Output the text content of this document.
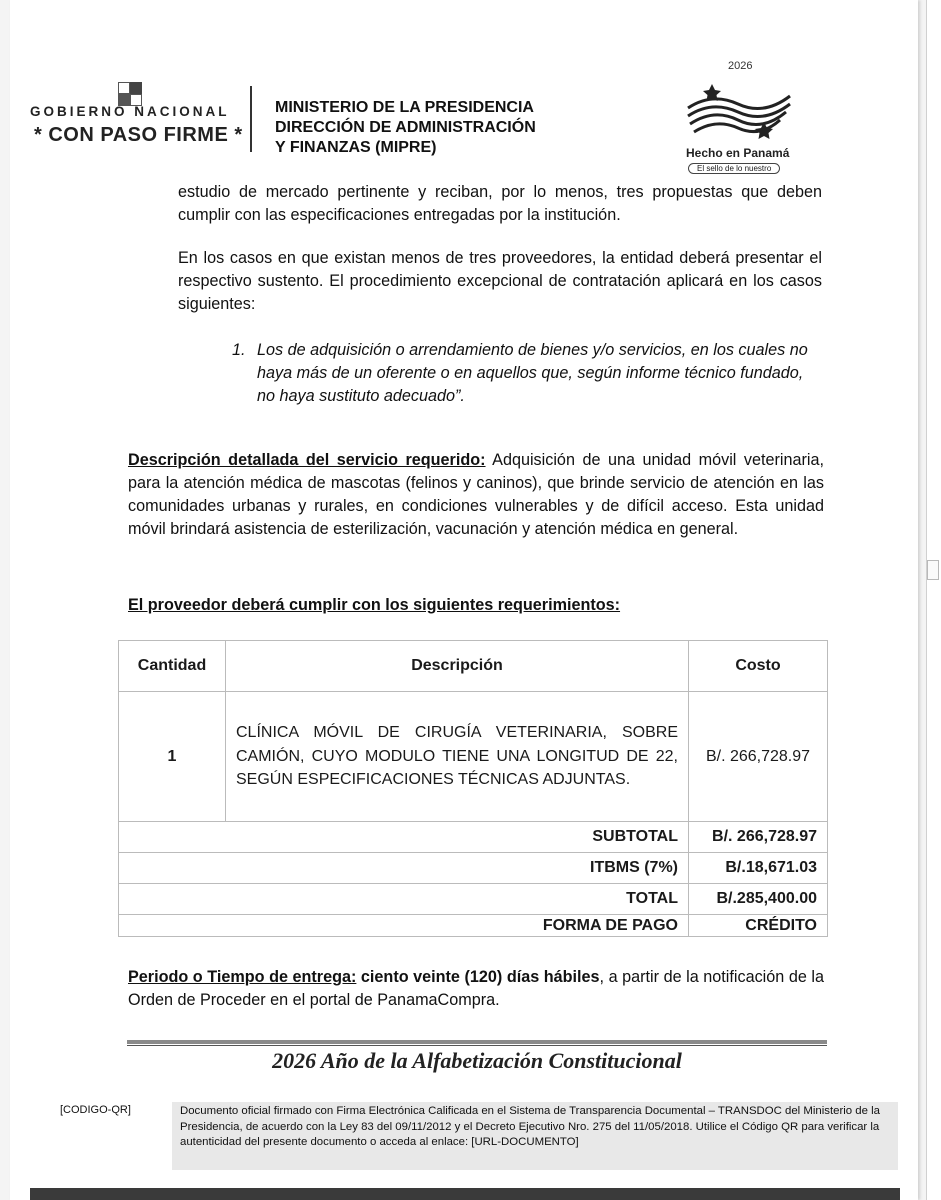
GOBIERNO NACIONAL
* CON PASO FIRME *
MINISTERIO DE LA PRESIDENCIA
DIRECCIÓN DE ADMINISTRACIÓN
Y FINANZAS (MIPRE)
2026
Hecho en Panamá
El sello de lo nuestro
estudio de mercado pertinente y reciban, por lo menos, tres propuestas que deben cumplir con las especificaciones entregadas por la institución.
En los casos en que existan menos de tres proveedores, la entidad deberá presentar el respectivo sustento. El procedimiento excepcional de contratación aplicará en los casos siguientes:
1. Los de adquisición o arrendamiento de bienes y/o servicios, en los cuales no haya más de un oferente o en aquellos que, según informe técnico fundado, no haya sustituto adecuado”.
Descripción detallada del servicio requerido: Adquisición de una unidad móvil veterinaria, para la atención médica de mascotas (felinos y caninos), que brinde servicio de atención en las comunidades urbanas y rurales, en condiciones vulnerables y de difícil acceso. Esta unidad móvil brindará asistencia de esterilización, vacunación y atención médica en general.
El proveedor deberá cumplir con los siguientes requerimientos:
Cantidad	Descripción	Costo
1	CLÍNICA MÓVIL DE CIRUGÍA VETERINARIA, SOBRE CAMIÓN, CUYO MODULO TIENE UNA LONGITUD DE 22, SEGÚN ESPECIFICACIONES TÉCNICAS ADJUNTAS.	B/. 266,728.97
SUBTOTAL		B/. 266,728.97
ITBMS (7%)		B/.18,671.03
TOTAL		B/.285,400.00
FORMA DE PAGO		CRÉDITO
Periodo o Tiempo de entrega: ciento veinte (120) días hábiles, a partir de la notificación de la Orden de Proceder en el portal de PanamaCompra.
2026 Año de la Alfabetización Constitucional
[CODIGO-QR]	Documento oficial firmado con Firma Electrónica Calificada en el Sistema de Transparencia Documental – TRANSDOC del Ministerio de la Presidencia, de acuerdo con la Ley 83 del 09/11/2012 y el Decreto Ejecutivo Nro. 275 del 11/05/2018. Utilice el Código QR para verificar la autenticidad del presente documento o acceda al enlace: [URL-DOCUMENTO]
